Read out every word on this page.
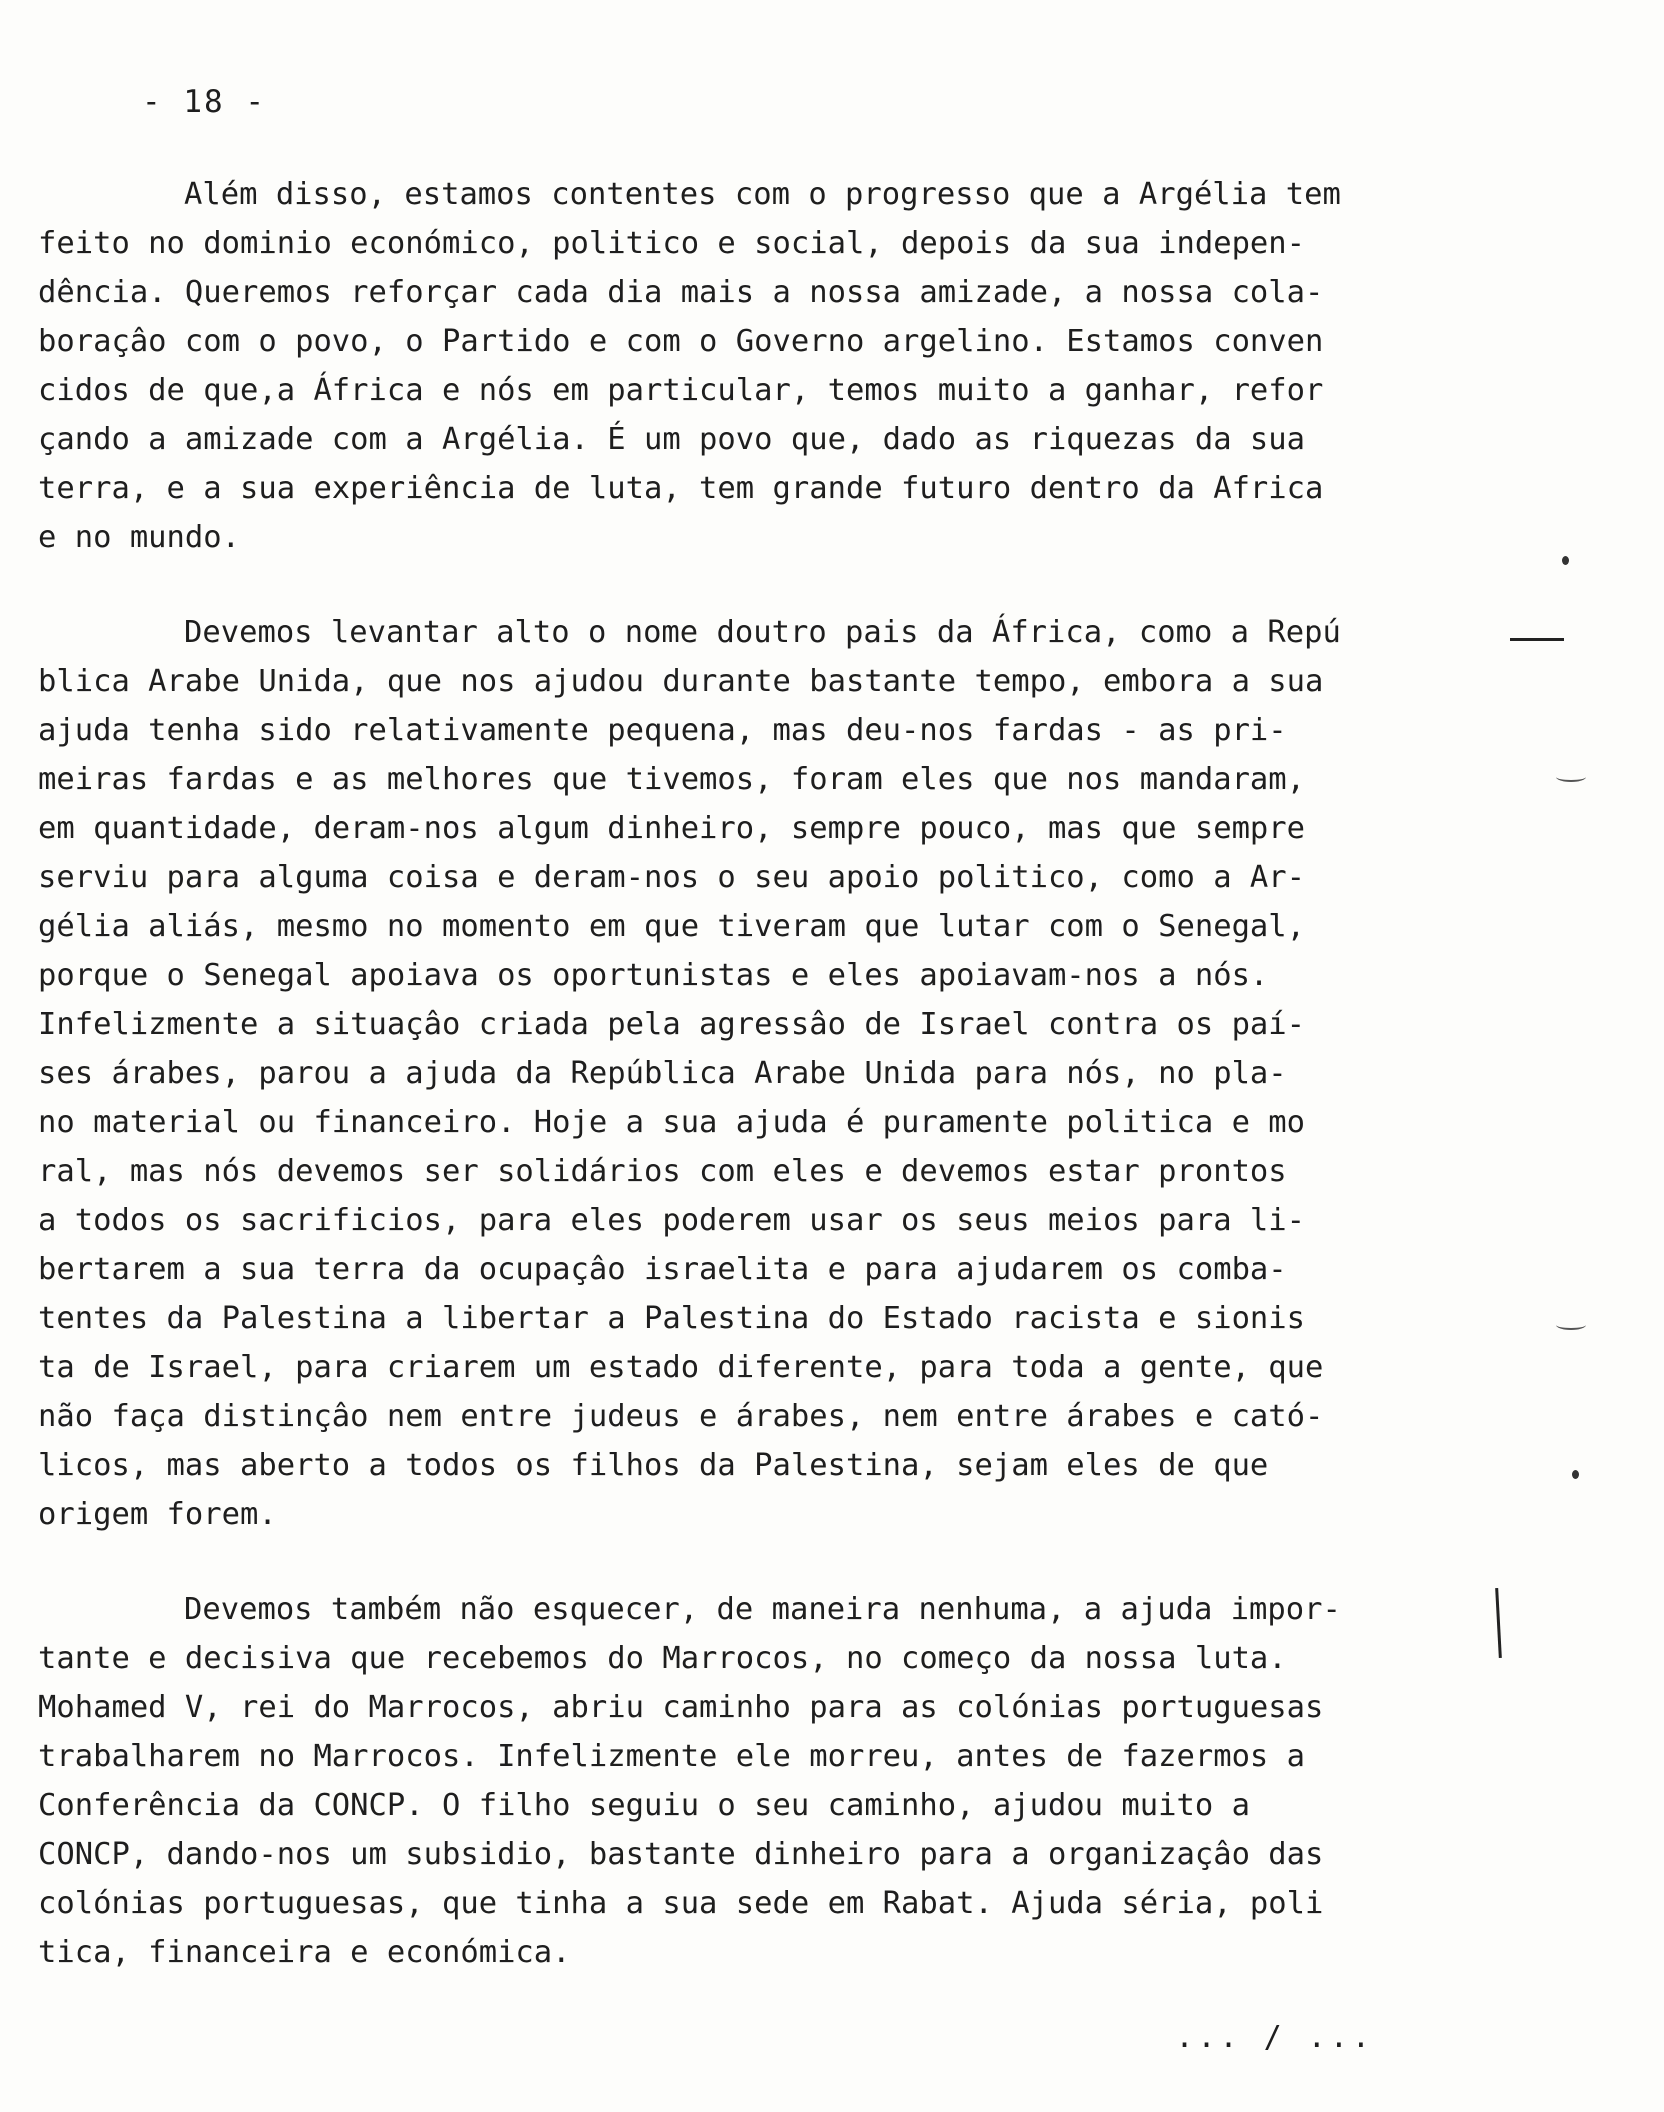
- 18 -

Além disso, estamos contentes com o progresso que a Argélia tem
feito no dominio económico, politico e social, depois da sua indepen-
dência. Queremos reforçar cada dia mais a nossa amizade, a nossa cola-
boraçâo com o povo, o Partido e com o Governo argelino. Estamos conven
cidos de que,a África e nós em particular, temos muito a ganhar, refor
çando a amizade com a Argélia. É um povo que, dado as riquezas da sua
terra, e a sua experiência de luta, tem grande futuro dentro da Africa
e no mundo.

Devemos levantar alto o nome doutro pais da África, como a Repú
blica Arabe Unida, que nos ajudou durante bastante tempo, embora a sua
ajuda tenha sido relativamente pequena, mas deu-nos fardas - as pri-
meiras fardas e as melhores que tivemos, foram eles que nos mandaram,
em quantidade, deram-nos algum dinheiro, sempre pouco, mas que sempre
serviu para alguma coisa e deram-nos o seu apoio politico, como a Ar-
gélia aliás, mesmo no momento em que tiveram que lutar com o Senegal,
porque o Senegal apoiava os oportunistas e eles apoiavam-nos a nós.
Infelizmente a situaçâo criada pela agressâo de Israel contra os paí-
ses árabes, parou a ajuda da República Arabe Unida para nós, no pla-
no material ou financeiro. Hoje a sua ajuda é puramente politica e mo
ral, mas nós devemos ser solidários com eles e devemos estar prontos
a todos os sacrificios, para eles poderem usar os seus meios para li-
bertarem a sua terra da ocupaçâo israelita e para ajudarem os comba-
tentes da Palestina a libertar a Palestina do Estado racista e sionis
ta de Israel, para criarem um estado diferente, para toda a gente, que
não faça distinçâo nem entre judeus e árabes, nem entre árabes e cató-
licos, mas aberto a todos os filhos da Palestina, sejam eles de que
origem forem.

Devemos também não esquecer, de maneira nenhuma, a ajuda impor-
tante e decisiva que recebemos do Marrocos, no começo da nossa luta.
Mohamed V, rei do Marrocos, abriu caminho para as colónias portuguesas
trabalharem no Marrocos. Infelizmente ele morreu, antes de fazermos a
Conferência da CONCP. O filho seguiu o seu caminho, ajudou muito a
CONCP, dando-nos um subsidio, bastante dinheiro para a organizaçâo das
colónias portuguesas, que tinha a sua sede em Rabat. Ajuda séria, poli
tica, financeira e económica.

... / ...
